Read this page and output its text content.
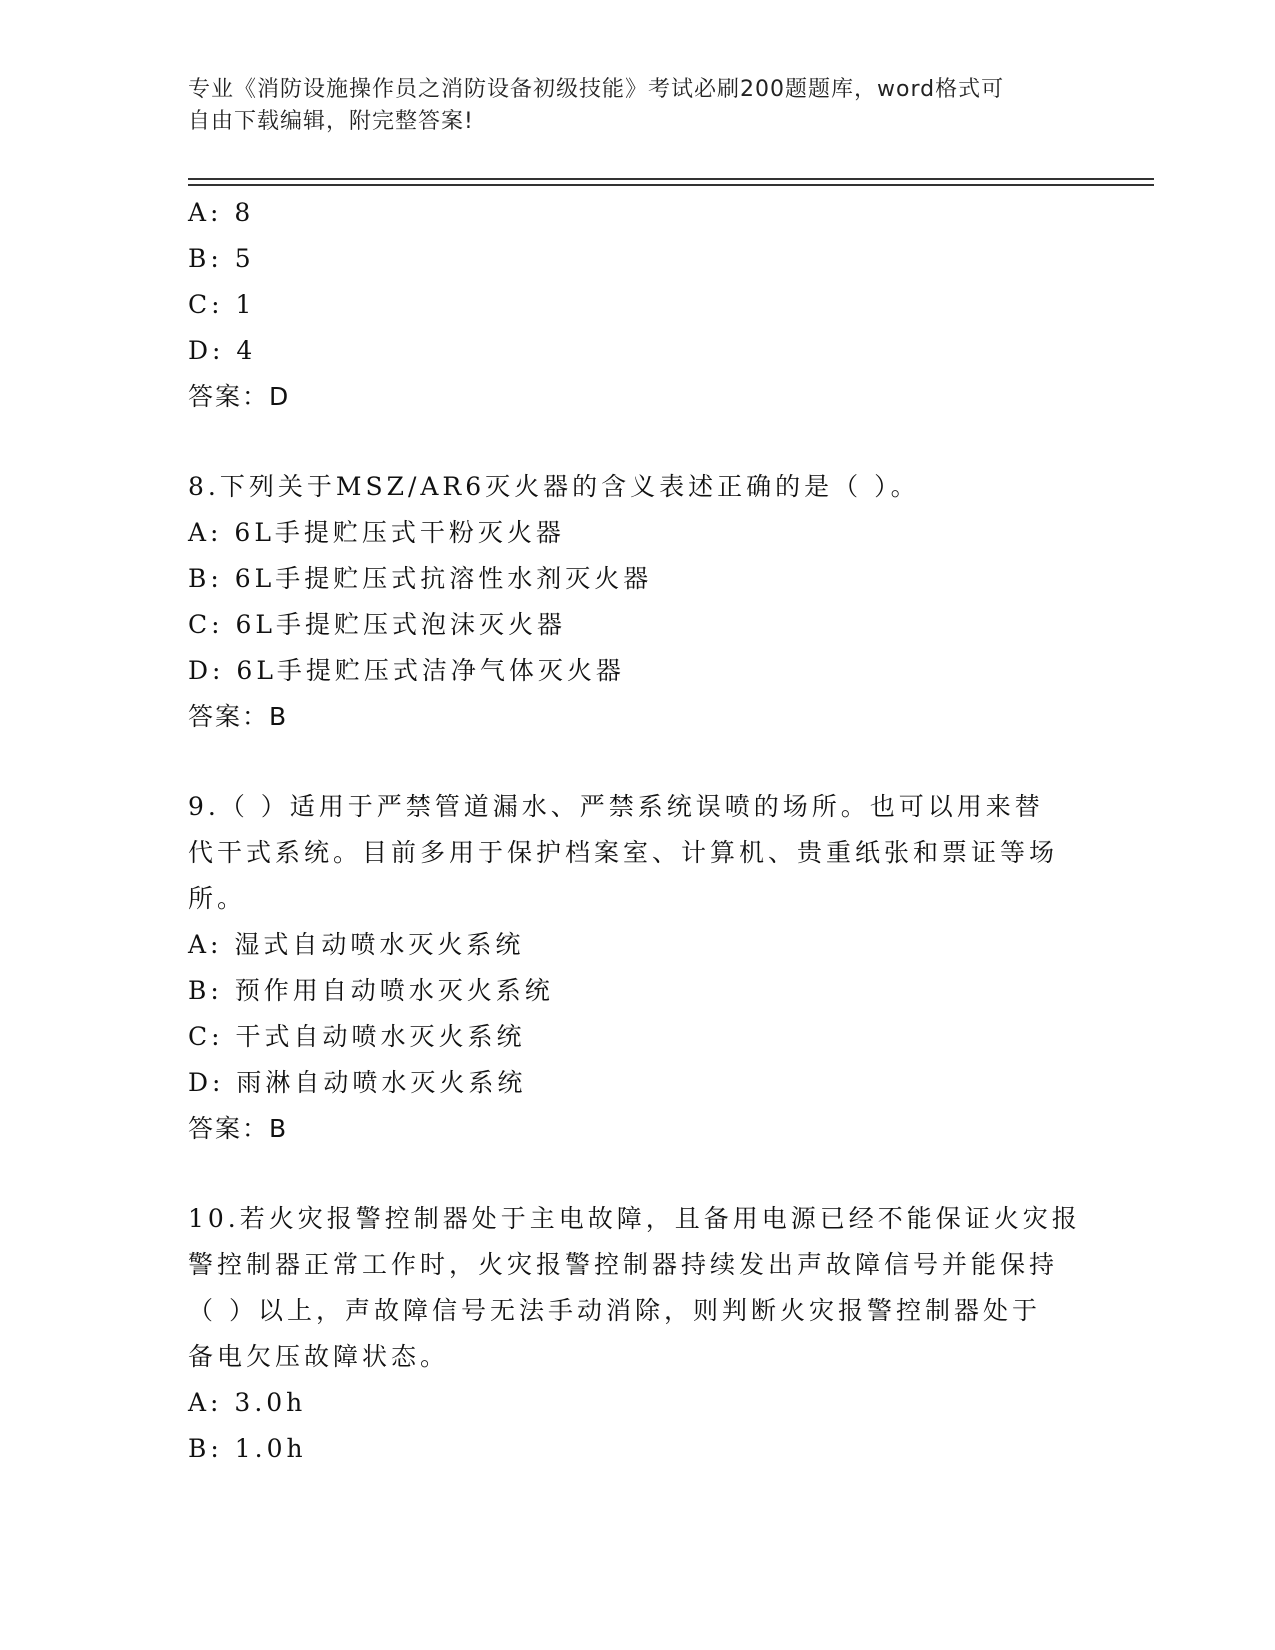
专业《消防设施操作员之消防设备初级技能》考试必刷200题题库，word格式可
自由下载编辑，附完整答案!
A: 8
B: 5
C: 1
D: 4
答案：D
8.下列关于MSZ/AR6灭火器的含义表述正确的是（ ）。
A: 6L手提贮压式干粉灭火器
B: 6L手提贮压式抗溶性水剂灭火器
C: 6L手提贮压式泡沫灭火器
D: 6L手提贮压式洁净气体灭火器
答案：B
9.（ ）适用于严禁管道漏水、严禁系统误喷的场所。也可以用来替
代干式系统。目前多用于保护档案室、计算机、贵重纸张和票证等场
所。
A: 湿式自动喷水灭火系统
B: 预作用自动喷水灭火系统
C: 干式自动喷水灭火系统
D: 雨淋自动喷水灭火系统
答案：B
10.若火灾报警控制器处于主电故障，且备用电源已经不能保证火灾报
警控制器正常工作时，火灾报警控制器持续发出声故障信号并能保持
（ ）以上，声故障信号无法手动消除，则判断火灾报警控制器处于
备电欠压故障状态。
A: 3.0h
B: 1.0h
